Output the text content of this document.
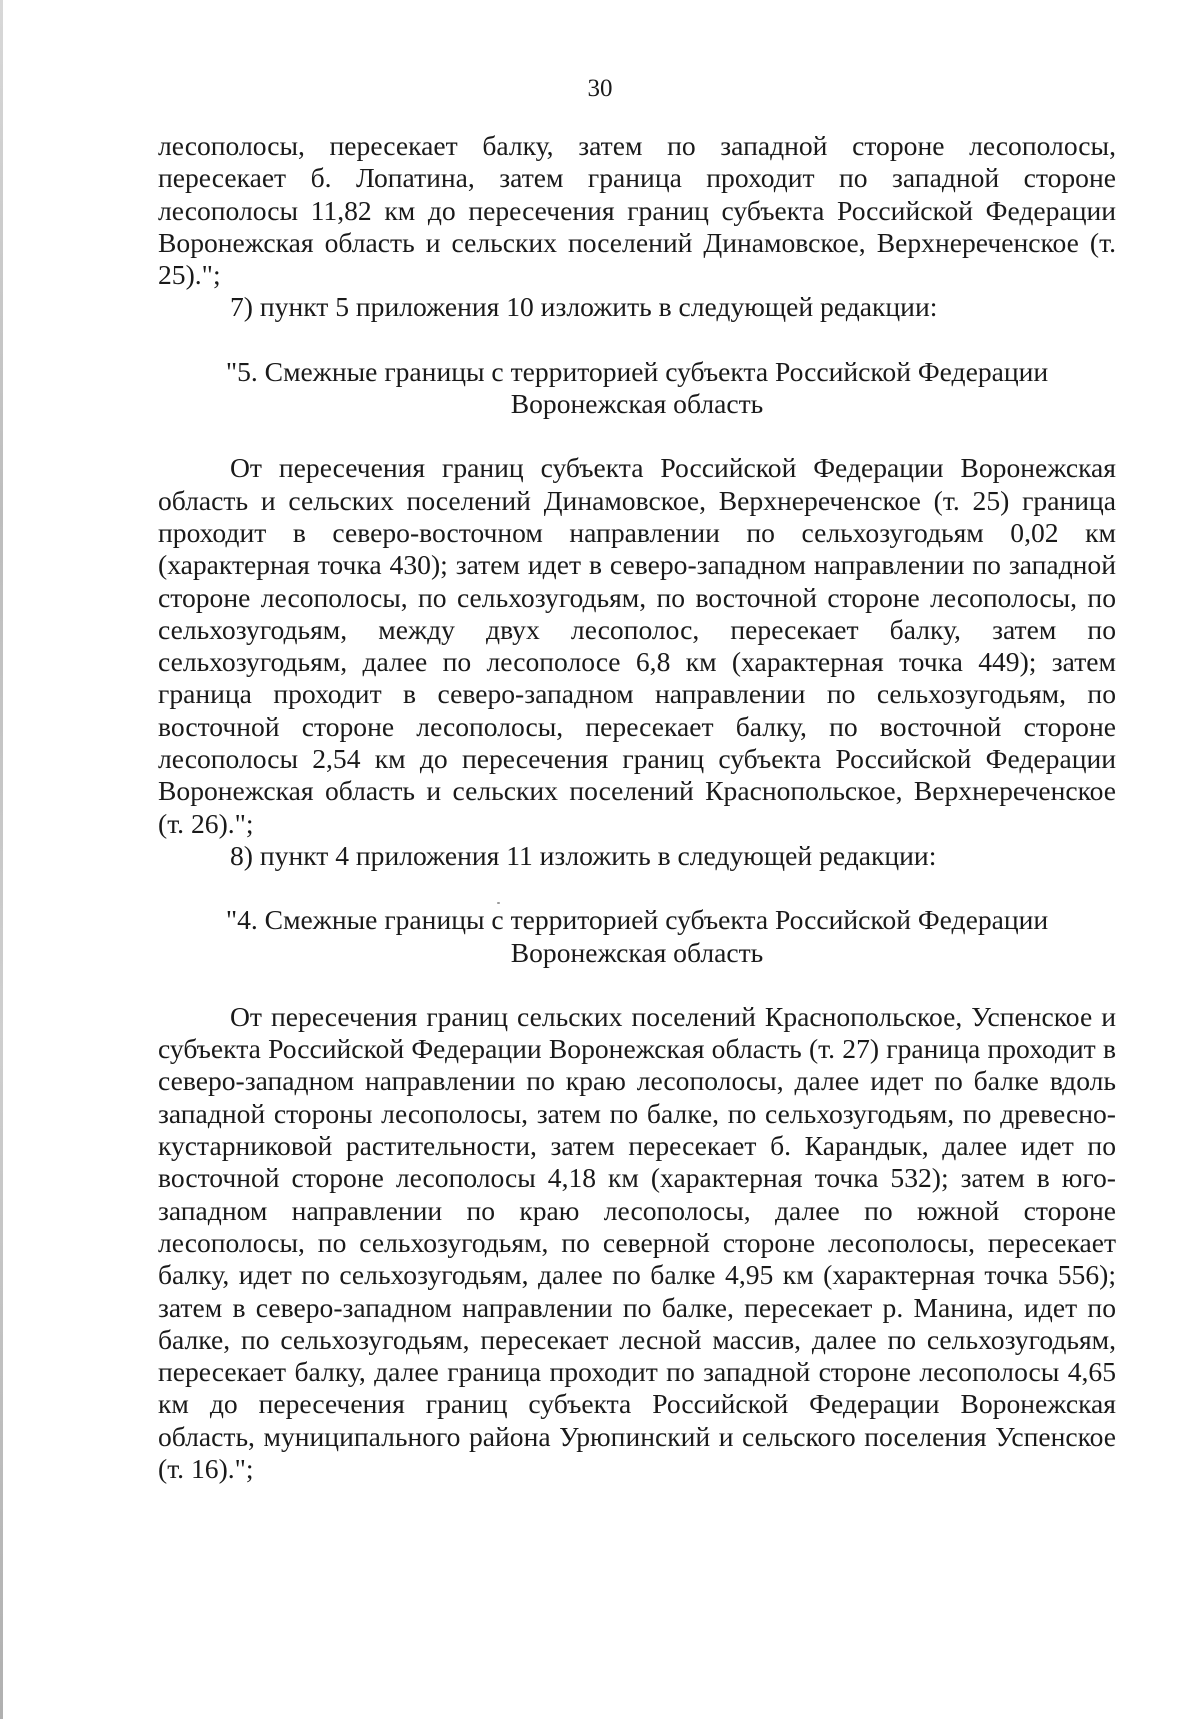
30

лесополосы, пересекает балку, затем по западной стороне лесополосы, пересекает б. Лопатина, затем граница проходит по западной стороне лесополосы 11,82 км до пересечения границ субъекта Российской Федерации Воронежская область и сельских поселений Динамовское, Верхнереченское (т. 25).";

7) пункт 5 приложения 10 изложить в следующей редакции:

"5. Смежные границы с территорией субъекта Российской Федерации
Воронежская область

От пересечения границ субъекта Российской Федерации Воронежская область и сельских поселений Динамовское, Верхнереченское (т. 25) граница проходит в северо-восточном направлении по сельхозугодьям 0,02 км (характерная точка 430); затем идет в северо-западном направлении по западной стороне лесополосы, по сельхозугодьям, по восточной стороне лесополосы, по сельхозугодьям, между двух лесополос, пересекает балку, затем по сельхозугодьям, далее по лесополосе 6,8 км (характерная точка 449); затем граница проходит в северо-западном направлении по сельхозугодьям, по восточной стороне лесополосы, пересекает балку, по восточной стороне лесополосы 2,54 км до пересечения границ субъекта Российской Федерации Воронежская область и сельских поселений Краснопольское, Верхнереченское (т. 26).";

8) пункт 4 приложения 11 изложить в следующей редакции:

"4. Смежные границы с территорией субъекта Российской Федерации
Воронежская область

От пересечения границ сельских поселений Краснопольское, Успенское и субъекта Российской Федерации Воронежская область (т. 27) граница проходит в северо-западном направлении по краю лесополосы, далее идет по балке вдоль западной стороны лесополосы, затем по балке, по сельхозугодьям, по древесно-кустарниковой растительности, затем пересекает б. Карандык, далее идет по восточной стороне лесополосы 4,18 км (характерная точка 532); затем в юго-западном направлении по краю лесополосы, далее по южной стороне лесополосы, по сельхозугодьям, по северной стороне лесополосы, пересекает балку, идет по сельхозугодьям, далее по балке 4,95 км (характерная точка 556); затем в северо-западном направлении по балке, пересекает р. Манина, идет по балке, по сельхозугодьям, пересекает лесной массив, далее по сельхозугодьям, пересекает балку, далее граница проходит по западной стороне лесополосы 4,65 км до пересечения границ субъекта Российской Федерации Воронежская область, муниципального района Урюпинский и сельского поселения Успенское (т. 16).";
